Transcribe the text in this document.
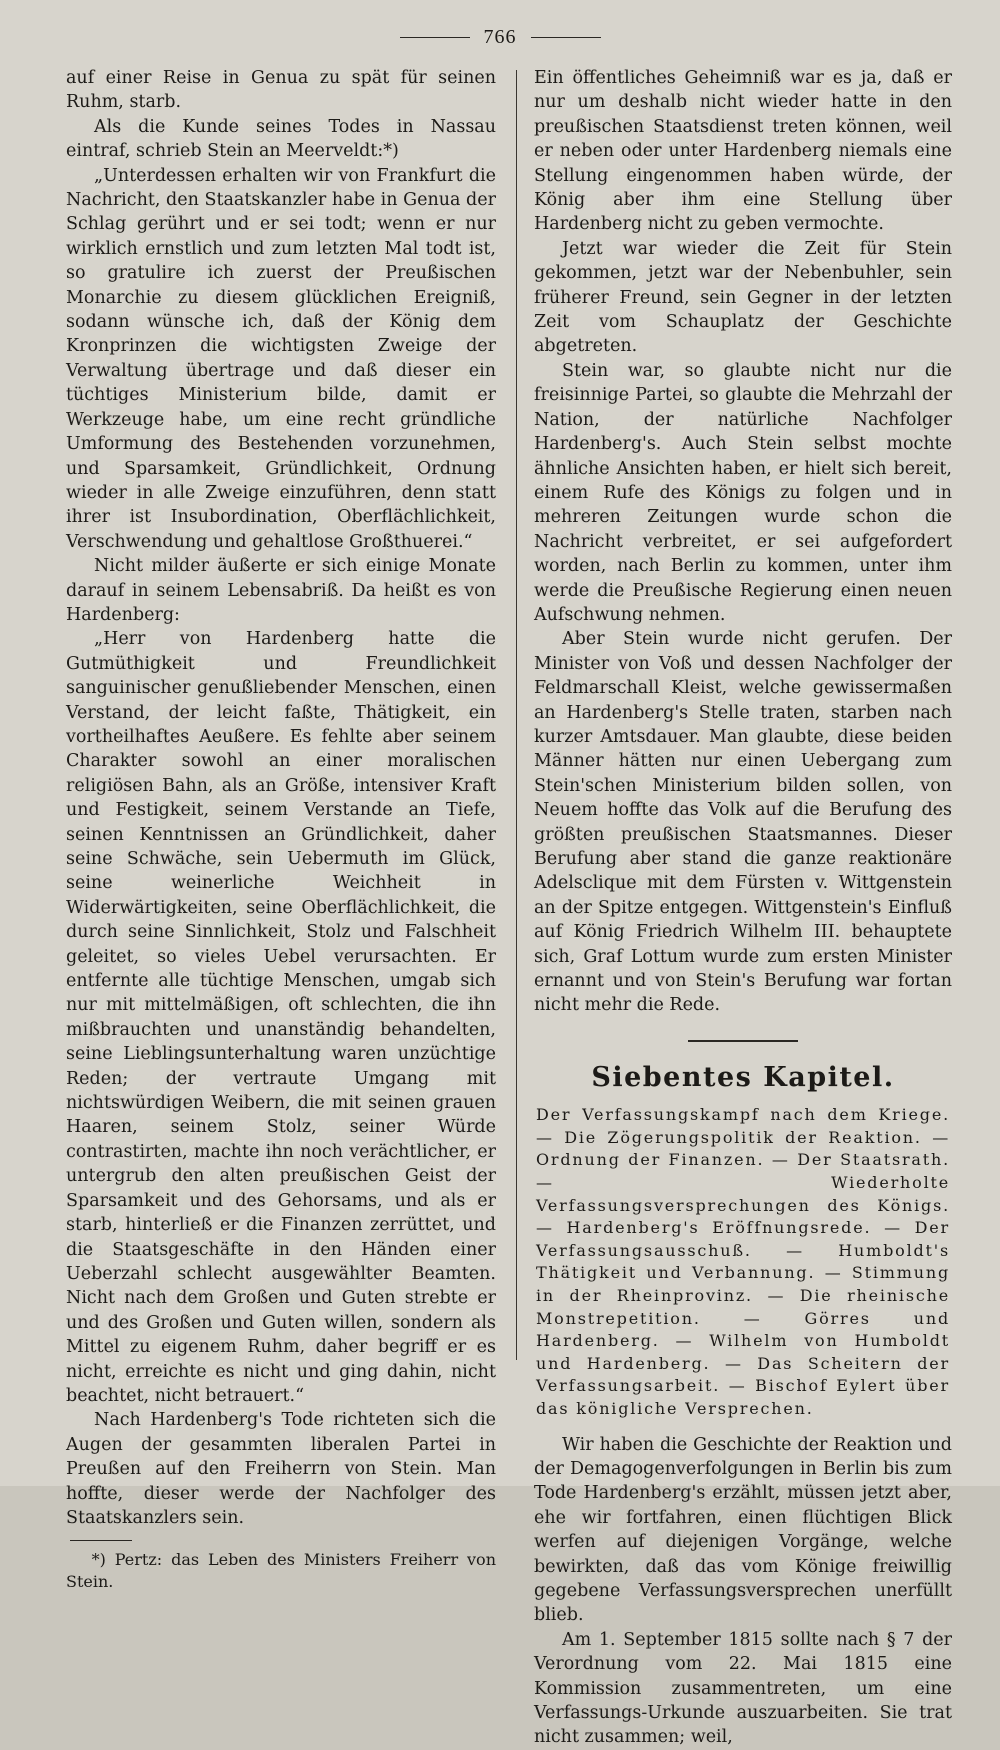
766

auf einer Reise in Genua zu spät für seinen Ruhm, starb.

Als die Kunde seines Todes in Nassau eintraf, schrieb Stein an Meerveldt:*)

„Unterdessen erhalten wir von Frankfurt die Nachricht, den Staatskanzler habe in Genua der Schlag gerührt und er sei todt; wenn er nur wirklich ernstlich und zum letzten Mal todt ist, so gratulire ich zuerst der Preußischen Monarchie zu diesem glücklichen Ereigniß, sodann wünsche ich, daß der König dem Kronprinzen die wichtigsten Zweige der Verwaltung übertrage und daß dieser ein tüchtiges Ministerium bilde, damit er Werkzeuge habe, um eine recht gründliche Umformung des Bestehenden vorzunehmen, und Sparsamkeit, Gründlichkeit, Ordnung wieder in alle Zweige einzuführen, denn statt ihrer ist Insubordination, Oberflächlichkeit, Verschwendung und gehaltlose Großthuerei.“

Nicht milder äußerte er sich einige Monate darauf in seinem Lebensabriß. Da heißt es von Hardenberg:

„Herr von Hardenberg hatte die Gutmüthigkeit und Freundlichkeit sanguinischer genußliebender Menschen, einen Verstand, der leicht faßte, Thätigkeit, ein vortheilhaftes Aeußere. Es fehlte aber seinem Charakter sowohl an einer moralischen religiösen Bahn, als an Größe, intensiver Kraft und Festigkeit, seinem Verstande an Tiefe, seinen Kenntnissen an Gründlichkeit, daher seine Schwäche, sein Uebermuth im Glück, seine weinerliche Weichheit in Widerwärtigkeiten, seine Oberflächlichkeit, die durch seine Sinnlichkeit, Stolz und Falschheit geleitet, so vieles Uebel verursachten. Er entfernte alle tüchtige Menschen, umgab sich nur mit mittelmäßigen, oft schlechten, die ihn mißbrauchten und unanständig behandelten, seine Lieblingsunterhaltung waren unzüchtige Reden; der vertraute Umgang mit nichtswürdigen Weibern, die mit seinen grauen Haaren, seinem Stolz, seiner Würde contrastirten, machte ihn noch verächtlicher, er untergrub den alten preußischen Geist der Sparsamkeit und des Gehorsams, und als er starb, hinterließ er die Finanzen zerrüttet, und die Staatsgeschäfte in den Händen einer Ueberzahl schlecht ausgewählter Beamten. Nicht nach dem Großen und Guten strebte er und des Großen und Guten willen, sondern als Mittel zu eigenem Ruhm, daher begriff er es nicht, erreichte es nicht und ging dahin, nicht beachtet, nicht betrauert.“

Nach Hardenberg's Tode richteten sich die Augen der gesammten liberalen Partei in Preußen auf den Freiherrn von Stein. Man hoffte, dieser werde der Nachfolger des Staatskanzlers sein.

*) Pertz: das Leben des Ministers Freiherr von Stein.

Ein öffentliches Geheimniß war es ja, daß er nur um deshalb nicht wieder hatte in den preußischen Staatsdienst treten können, weil er neben oder unter Hardenberg niemals eine Stellung eingenommen haben würde, der König aber ihm eine Stellung über Hardenberg nicht zu geben vermochte.

Jetzt war wieder die Zeit für Stein gekommen, jetzt war der Nebenbuhler, sein früherer Freund, sein Gegner in der letzten Zeit vom Schauplatz der Geschichte abgetreten.

Stein war, so glaubte nicht nur die freisinnige Partei, so glaubte die Mehrzahl der Nation, der natürliche Nachfolger Hardenberg's. Auch Stein selbst mochte ähnliche Ansichten haben, er hielt sich bereit, einem Rufe des Königs zu folgen und in mehreren Zeitungen wurde schon die Nachricht verbreitet, er sei aufgefordert worden, nach Berlin zu kommen, unter ihm werde die Preußische Regierung einen neuen Aufschwung nehmen.

Aber Stein wurde nicht gerufen. Der Minister von Voß und dessen Nachfolger der Feldmarschall Kleist, welche gewissermaßen an Hardenberg's Stelle traten, starben nach kurzer Amtsdauer. Man glaubte, diese beiden Männer hätten nur einen Uebergang zum Stein'schen Ministerium bilden sollen, von Neuem hoffte das Volk auf die Berufung des größten preußischen Staatsmannes. Dieser Berufung aber stand die ganze reaktionäre Adelsclique mit dem Fürsten v. Wittgenstein an der Spitze entgegen. Wittgenstein's Einfluß auf König Friedrich Wilhelm III. behauptete sich, Graf Lottum wurde zum ersten Minister ernannt und von Stein's Berufung war fortan nicht mehr die Rede.

Siebentes Kapitel.
Der Verfassungskampf nach dem Kriege. — Die Zögerungspolitik der Reaktion. — Ordnung der Finanzen. — Der Staatsrath. — Wiederholte Verfassungsversprechungen des Königs. — Hardenberg's Eröffnungsrede. — Der Verfassungsausschuß. — Humboldt's Thätigkeit und Verbannung. — Stimmung in der Rheinprovinz. — Die rheinische Monstrepetition. — Görres und Hardenberg. — Wilhelm von Humboldt und Hardenberg. — Das Scheitern der Verfassungsarbeit. — Bischof Eylert über das königliche Versprechen.

Wir haben die Geschichte der Reaktion und der Demagogenverfolgungen in Berlin bis zum Tode Hardenberg's erzählt, müssen jetzt aber, ehe wir fortfahren, einen flüchtigen Blick werfen auf diejenigen Vorgänge, welche bewirkten, daß das vom Könige freiwillig gegebene Verfassungsversprechen unerfüllt blieb.

Am 1. September 1815 sollte nach § 7 der Verordnung vom 22. Mai 1815 eine Kommission zusammentreten, um eine Verfassungs-Urkunde auszuarbeiten. Sie trat nicht zusammen; weil,
